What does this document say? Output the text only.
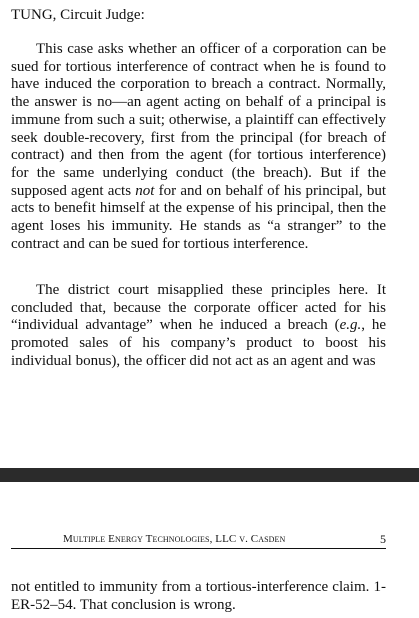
TUNG, Circuit Judge:

This case asks whether an officer of a corporation can be sued for tortious interference of contract when he is found to have induced the corporation to breach a contract. Normally, the answer is no—an agent acting on behalf of a principal is immune from such a suit; otherwise, a plaintiff can effectively seek double-recovery, first from the principal (for breach of contract) and then from the agent (for tortious interference) for the same underlying conduct (the breach). But if the supposed agent acts not for and on behalf of his principal, but acts to benefit himself at the expense of his principal, then the agent loses his immunity. He stands as “a stranger” to the contract and can be sued for tortious interference.

The district court misapplied these principles here. It concluded that, because the corporate officer acted for his “individual advantage” when he induced a breach (e.g., he promoted sales of his company’s product to boost his individual bonus), the officer did not act as an agent and was

Multiple Energy Technologies, LLC v. Casden	5

not entitled to immunity from a tortious-interference claim. 1-ER-52–54. That conclusion is wrong.
